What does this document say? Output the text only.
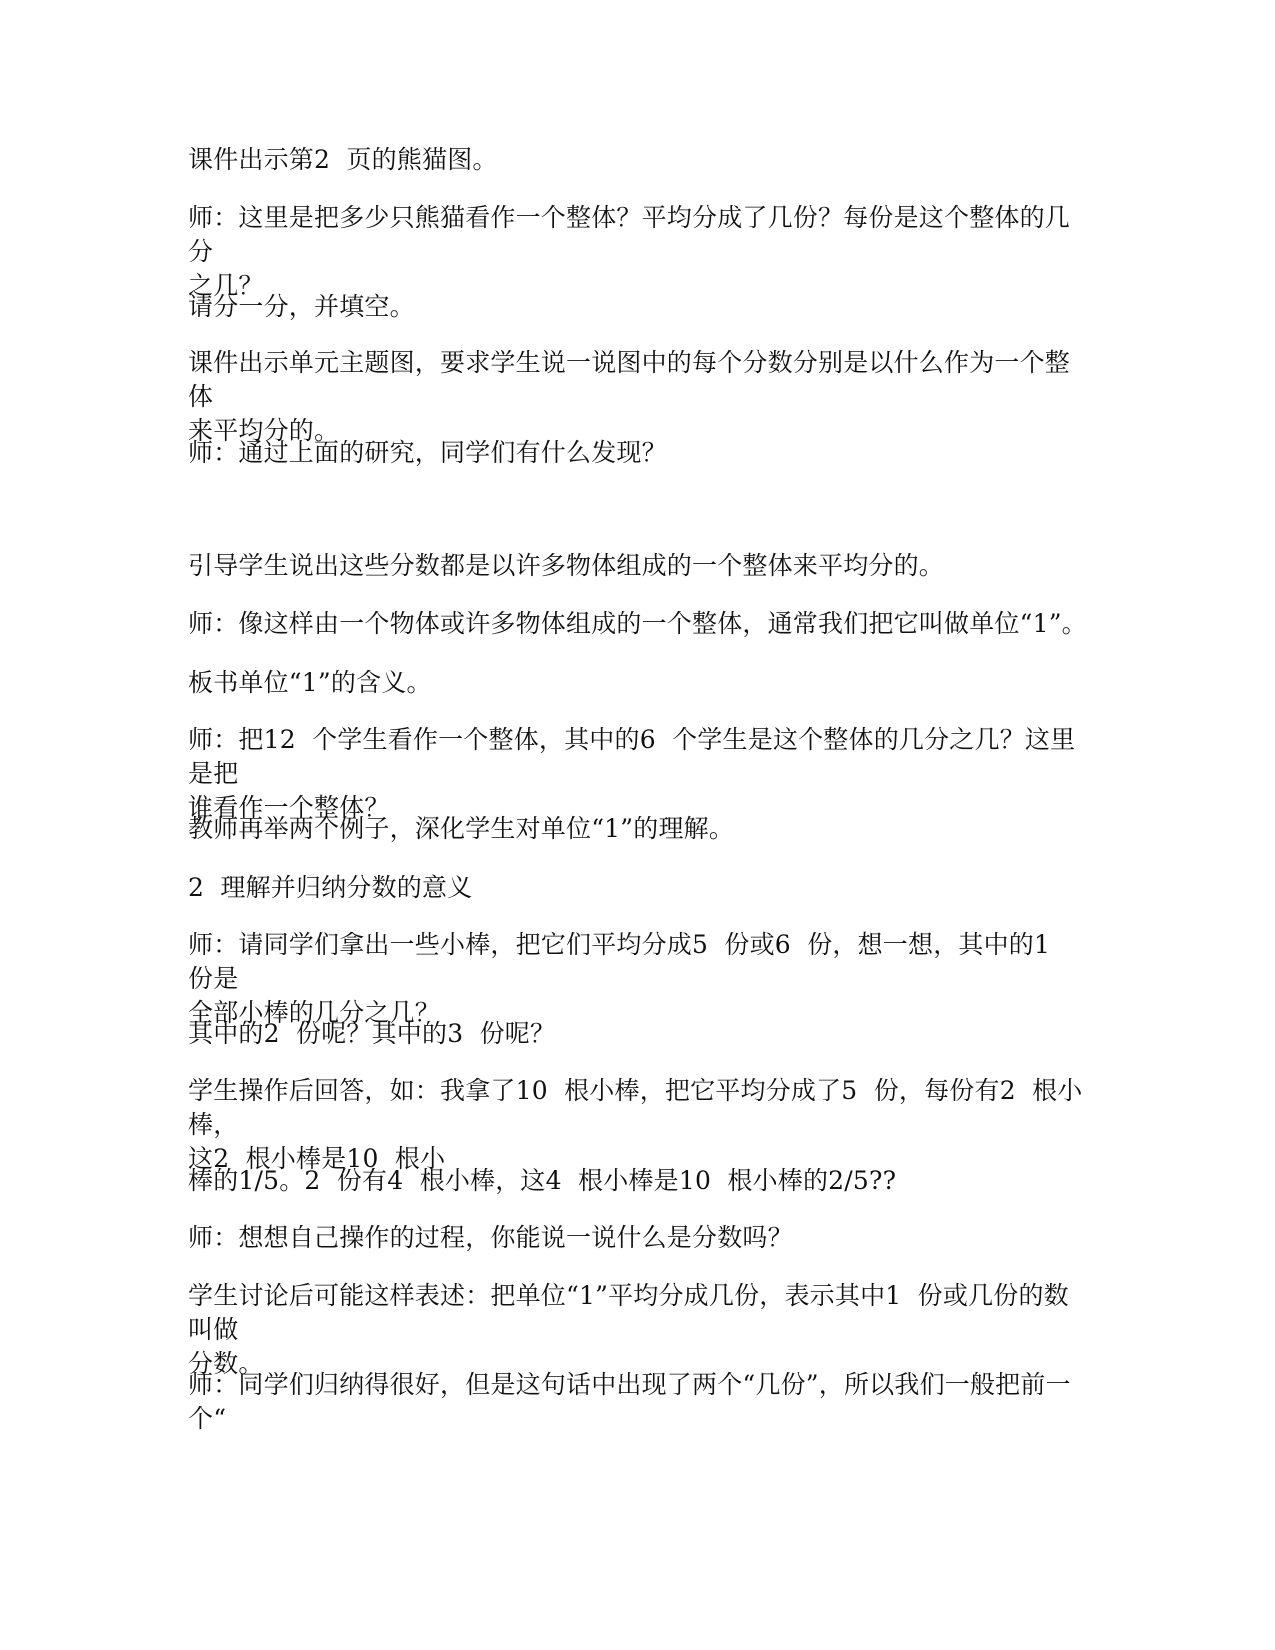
课件出示第2  页的熊猫图。
师：这里是把多少只熊猫看作一个整体？平均分成了几份？每份是这个整体的几分
之几？
请分一分，并填空。
课件出示单元主题图，要求学生说一说图中的每个分数分别是以什么作为一个整体
来平均分的。
师：通过上面的研究，同学们有什么发现？
引导学生说出这些分数都是以许多物体组成的一个整体来平均分的。
师：像这样由一个物体或许多物体组成的一个整体，通常我们把它叫做单位“1”。
板书单位“1”的含义。
师：把12  个学生看作一个整体，其中的6  个学生是这个整体的几分之几？这里是把
谁看作一个整体？
教师再举两个例子，深化学生对单位“1”的理解。
2  理解并归纳分数的意义
师：请同学们拿出一些小棒，把它们平均分成5  份或6  份，想一想，其中的1  份是
全部小棒的几分之几？
其中的2  份呢？其中的3  份呢？
学生操作后回答，如：我拿了10  根小棒，把它平均分成了5  份，每份有2  根小棒，
这2  根小棒是10  根小
棒的1/5。2  份有4  根小棒，这4  根小棒是10  根小棒的2/5??
师：想想自己操作的过程，你能说一说什么是分数吗？
学生讨论后可能这样表述：把单位“1”平均分成几份，表示其中1  份或几份的数叫做
分数。
师：同学们归纳得很好，但是这句话中出现了两个“几份”，所以我们一般把前一个“
